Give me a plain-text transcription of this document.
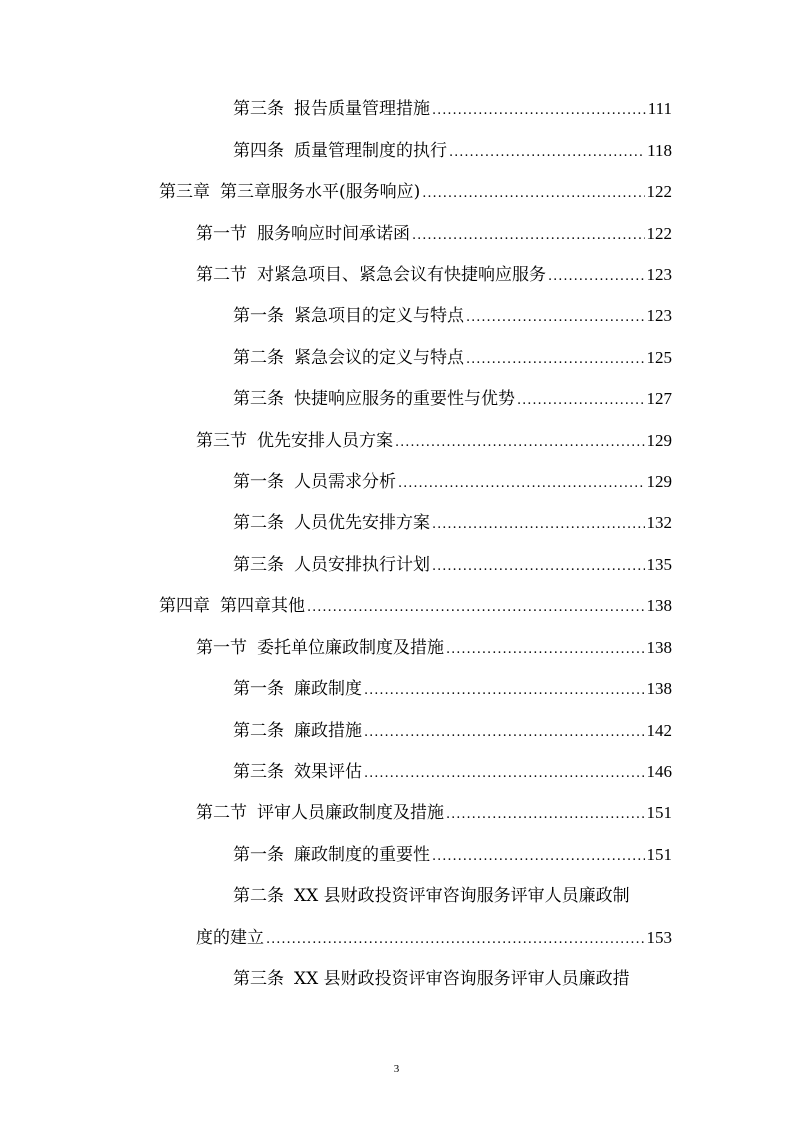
第三条 报告质量管理措施 .....	111
第四条 质量管理制度的执行 .....	118
第三章 第三章服务水平(服务响应) .....	122
第一节 服务响应时间承诺函 .....	122
第二节 对紧急项目、紧急会议有快捷响应服务 .....	123
第一条 紧急项目的定义与特点 .....	123
第二条 紧急会议的定义与特点 .....	125
第三条 快捷响应服务的重要性与优势 .....	127
第三节 优先安排人员方案 .....	129
第一条 人员需求分析 .....	129
第二条 人员优先安排方案 .....	132
第三条 人员安排执行计划 .....	135
第四章 第四章其他 .....	138
第一节 委托单位廉政制度及措施 .....	138
第一条 廉政制度 .....	138
第二条 廉政措施 .....	142
第三条 效果评估 .....	146
第二节 评审人员廉政制度及措施 .....	151
第一条 廉政制度的重要性 .....	151
第二条 XX 县财政投资评审咨询服务评审人员廉政制
度的建立 .....	153
第三条 XX 县财政投资评审咨询服务评审人员廉政措
3
